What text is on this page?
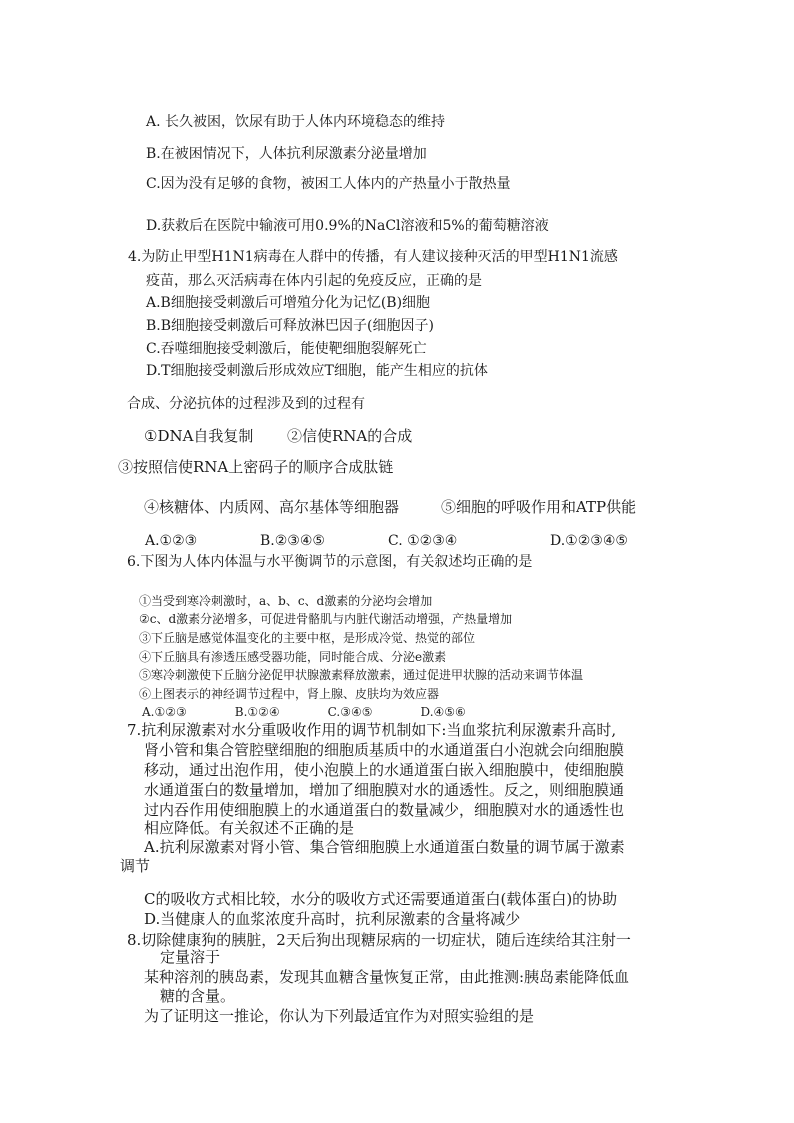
A. 长久被困，饮尿有助于人体内环境稳态的维持
B.在被困情况下，人体抗利尿激素分泌量增加
C.因为没有足够的食物，被困工人体内的产热量小于散热量
D.获救后在医院中输液可用0.9%的NaCl溶液和5%的葡萄糖溶液
4.为防止甲型H1N1病毒在人群中的传播，有人建议接种灭活的甲型H1N1流感
疫苗，那么灭活病毒在体内引起的免疫反应，正确的是
A.B细胞接受刺激后可增殖分化为记忆(B)细胞
B.B细胞接受刺激后可释放淋巴因子(细胞因子)
C.吞噬细胞接受刺激后，能使靶细胞裂解死亡
D.T细胞接受刺激后形成效应T细胞，能产生相应的抗体
合成、分泌抗体的过程涉及到的过程有
①DNA自我复制 ②信使RNA的合成
③按照信使RNA上密码子的顺序合成肽链
④核糖体、内质网、高尔基体等细胞器	⑤细胞的呼吸作用和ATP供能
A.①②③	B.②③④⑤	C. ①②③④	D.①②③④⑤
6.下图为人体内体温与水平衡调节的示意图，有关叙述均正确的是
①当受到寒冷刺激时，a、b、c、d激素的分泌均会增加
②c、d激素分泌增多，可促进骨骼肌与内脏代谢活动增强，产热量增加
③下丘脑是感觉体温变化的主要中枢，是形成冷觉、热觉的部位
④下丘脑具有渗透压感受器功能，同时能合成、分泌e激素
⑤寒冷刺激使下丘脑分泌促甲状腺激素释放激素，通过促进甲状腺的活动来调节体温
⑥上图表示的神经调节过程中，肾上腺、皮肤均为效应器
A.①②③　　　　B.①②④　　　　C.③④⑤　　　　D.④⑤⑥
7.抗利尿激素对水分重吸收作用的调节机制如下:当血浆抗利尿激素升高时,
肾小管和集合管腔壁细胞的细胞质基质中的水通道蛋白小泡就会向细胞膜
移动，通过出泡作用，使小泡膜上的水通道蛋白嵌入细胞膜中，使细胞膜
水通道蛋白的数量增加，增加了细胞膜对水的通透性。反之，则细胞膜通
过内吞作用使细胞膜上的水通道蛋白的数量减少，细胞膜对水的通透性也
相应降低。有关叙述不正确的是
A.抗利尿激素对肾小管、集合管细胞膜上水通道蛋白数量的调节属于激素
调节
C的吸收方式相比较，水分的吸收方式还需要通道蛋白(载体蛋白)的协助
D.当健康人的血浆浓度升高时，抗利尿激素的含量将减少
8.切除健康狗的胰脏，2天后狗出现糖尿病的一切症状，随后连续给其注射一
定量溶于
某种溶剂的胰岛素，发现其血糖含量恢复正常，由此推测:胰岛素能降低血
糖的含量。
为了证明这一推论，你认为下列最适宜作为对照实验组的是
